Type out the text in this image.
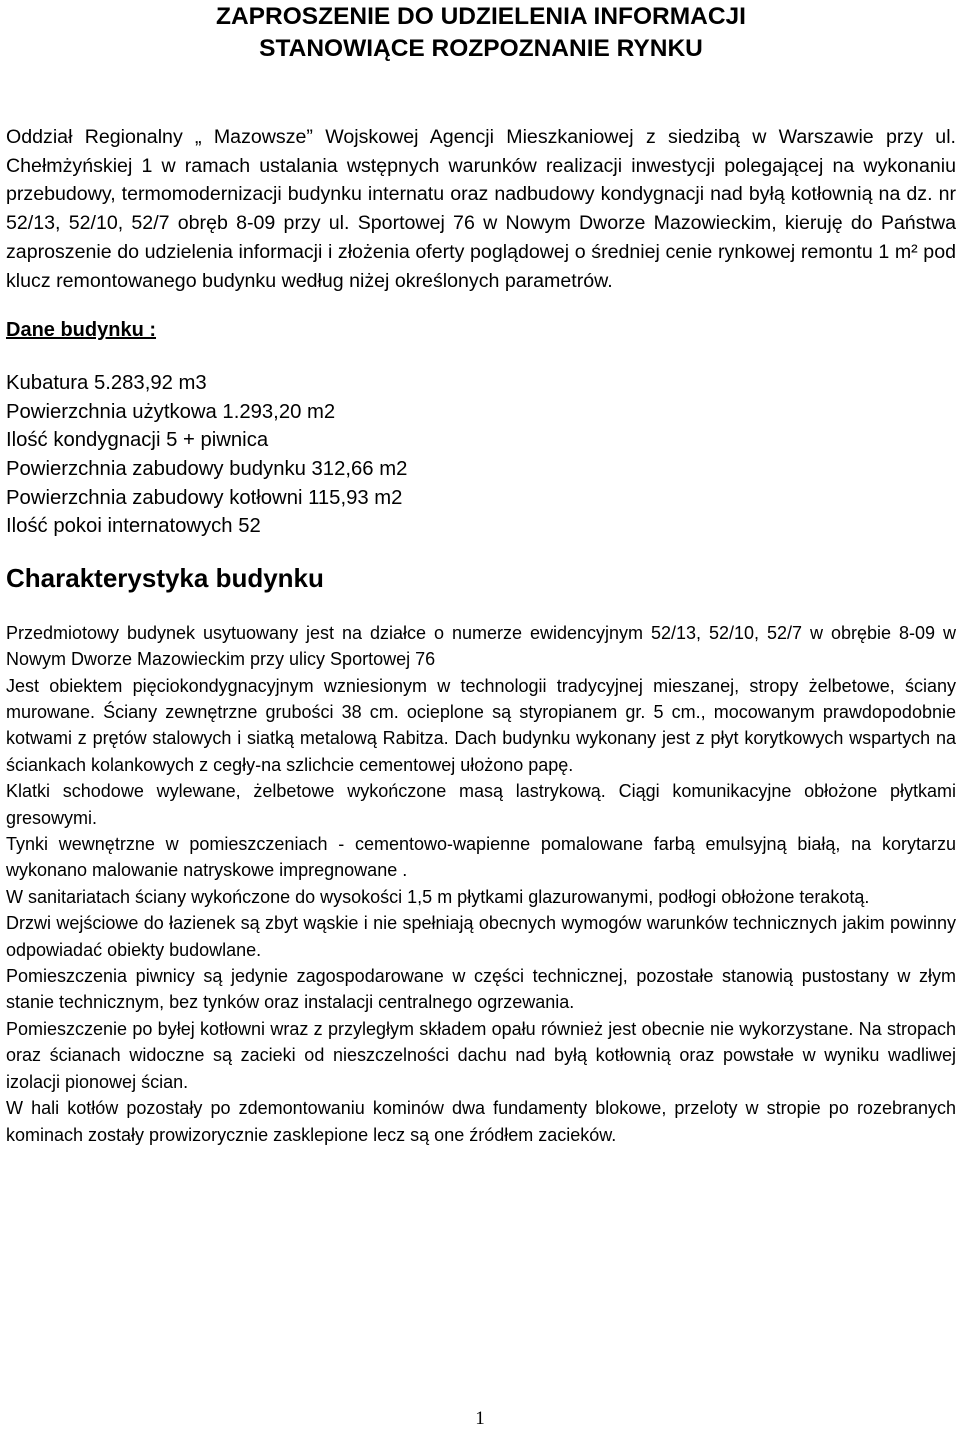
ZAPROSZENIE DO UDZIELENIA INFORMACJI
STANOWIĄCE ROZPOZNANIE RYNKU

Oddział Regionalny „ Mazowsze” Wojskowej Agencji Mieszkaniowej z siedzibą w Warszawie przy ul. Chełmżyńskiej 1 w ramach ustalania wstępnych warunków realizacji inwestycji polegającej na wykonaniu przebudowy, termomodernizacji budynku internatu oraz nadbudowy kondygnacji nad byłą kotłownią na dz. nr 52/13, 52/10, 52/7 obręb 8-09 przy ul. Sportowej 76 w Nowym Dworze Mazowieckim, kieruję do Państwa zaproszenie do udzielenia informacji i złożenia oferty poglądowej o średniej cenie rynkowej remontu 1 m² pod klucz remontowanego budynku według niżej określonych parametrów.

Dane budynku :
Kubatura 5.283,92 m3
Powierzchnia użytkowa 1.293,20 m2
Ilość kondygnacji 5 + piwnica
Powierzchnia zabudowy budynku 312,66 m2
Powierzchnia zabudowy kotłowni 115,93 m2
Ilość pokoi internatowych 52
Charakterystyka budynku

Przedmiotowy budynek usytuowany jest na działce o numerze ewidencyjnym 52/13, 52/10, 52/7 w obrębie 8-09 w Nowym Dworze Mazowieckim przy ulicy Sportowej 76

Jest obiektem pięciokondygnacyjnym wzniesionym w technologii tradycyjnej mieszanej, stropy żelbetowe, ściany murowane. Ściany zewnętrzne grubości 38 cm. ocieplone są styropianem gr. 5 cm., mocowanym prawdopodobnie kotwami z prętów stalowych i siatką metalową Rabitza. Dach budynku wykonany jest z płyt korytkowych wspartych na ściankach kolankowych z cegły-na szlichcie cementowej ułożono papę.

Klatki schodowe wylewane, żelbetowe wykończone masą lastrykową. Ciągi komunikacyjne obłożone płytkami gresowymi.

Tynki wewnętrzne w pomieszczeniach - cementowo-wapienne pomalowane farbą emulsyjną białą, na korytarzu wykonano malowanie natryskowe impregnowane .

W sanitariatach ściany wykończone do wysokości 1,5 m płytkami glazurowanymi, podłogi obłożone terakotą.

Drzwi wejściowe do łazienek są zbyt wąskie i nie spełniają obecnych wymogów warunków technicznych jakim powinny odpowiadać obiekty budowlane.

Pomieszczenia piwnicy są jedynie zagospodarowane w części technicznej, pozostałe stanowią pustostany w złym stanie technicznym, bez tynków oraz instalacji centralnego ogrzewania.

Pomieszczenie po byłej kotłowni wraz z przyległym składem opału również jest obecnie nie wykorzystane. Na stropach oraz ścianach widoczne są zacieki od nieszczelności dachu nad byłą kotłownią oraz powstałe w wyniku wadliwej izolacji pionowej ścian.

W hali kotłów pozostały po zdemontowaniu kominów dwa fundamenty blokowe, przeloty w stropie po rozebranych kominach zostały prowizorycznie zasklepione lecz są one źródłem zacieków.

1
